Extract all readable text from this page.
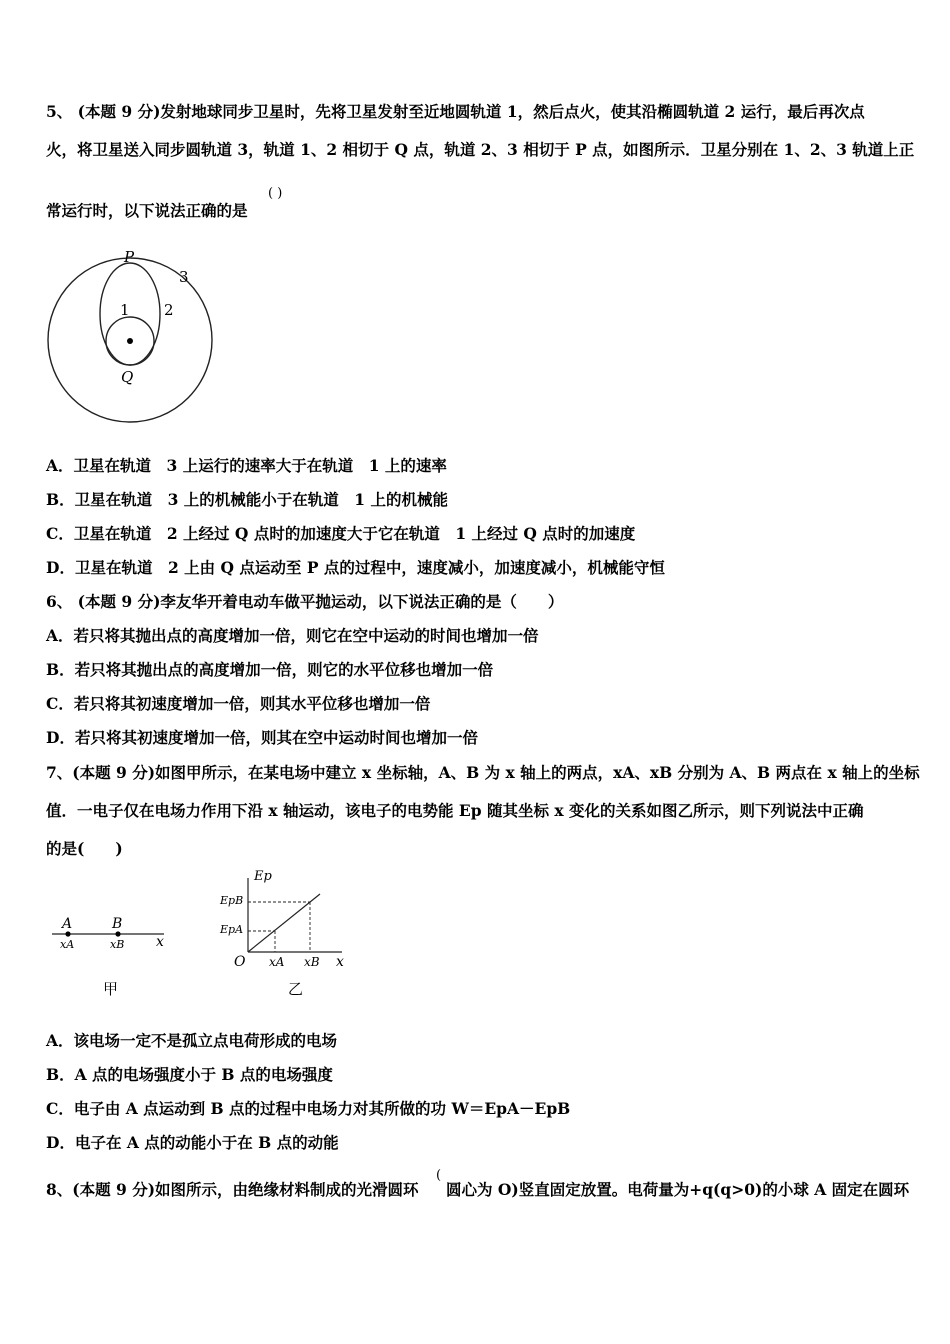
5、 (本题 9 分)发射地球同步卫星时，先将卫星发射至近地圆轨道 1，然后点火，使其沿椭圆轨道 2 运行，最后再次点
火，将卫星送入同步圆轨道 3，轨道 1、2 相切于 Q 点，轨道 2、3 相切于 P 点，如图所示．卫星分别在 1、2、3 轨道上正
常运行时，以下说法正确的是
( )
P
Q
1 2
3
A．卫星在轨道　3 上运行的速率大于在轨道　1 上的速率
B．卫星在轨道　3 上的机械能小于在轨道　1 上的机械能
C．卫星在轨道　2 上经过 Q 点时的加速度大于它在轨道　1 上经过 Q 点时的加速度
D．卫星在轨道　2 上由 Q 点运动至 P 点的过程中，速度减小，加速度减小，机械能守恒
6、 (本题 9 分)李友华开着电动车做平抛运动，以下说法正确的是（　　）
A．若只将其抛出点的高度增加一倍，则它在空中运动的时间也增加一倍
B．若只将其抛出点的高度增加一倍，则它的水平位移也增加一倍
C．若只将其初速度增加一倍，则其水平位移也增加一倍
D．若只将其初速度增加一倍，则其在空中运动时间也增加一倍
7、(本题 9 分)如图甲所示，在某电场中建立 x 坐标轴，A、B 为 x 轴上的两点，xA、xB 分别为 A、B 两点在 x 轴上的坐标
值．一电子仅在电场力作用下沿 x 轴运动，该电子的电势能 Ep 随其坐标 x 变化的关系如图乙所示，则下列说法中正确
的是(　　)
A	B
xA	xB x
甲
Ep
EpB
EpA
O xA xB x
乙
A．该电场一定不是孤立点电荷形成的电场
B．A 点的电场强度小于 B 点的电场强度
C．电子由 A 点运动到 B 点的过程中电场力对其所做的功 W＝EpA－EpB
D．电子在 A 点的动能小于在 B 点的动能
8、(本题 9 分)如图所示，由绝缘材料制成的光滑圆环
(
圆心为 O)竖直固定放置。电荷量为+q(q>0)的小球 A 固定在圆环
